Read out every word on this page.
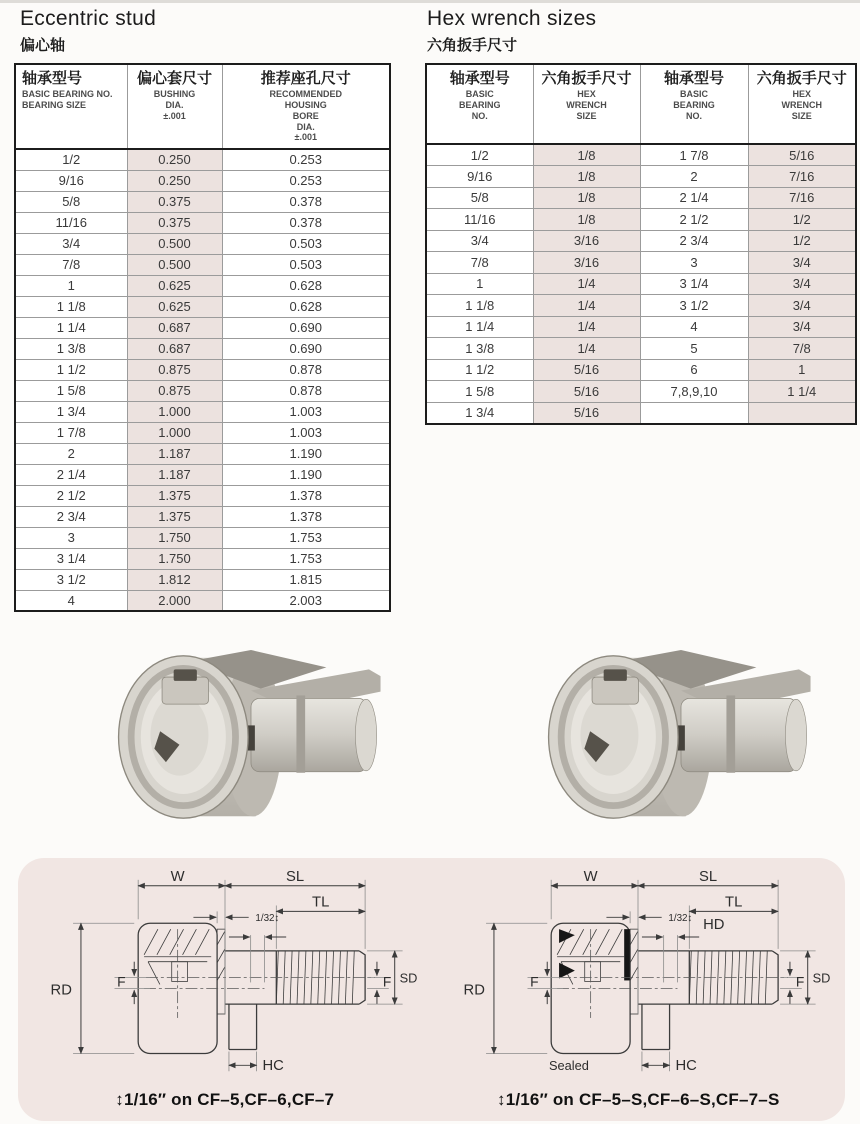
Eccentric stud
偏心轴
Hex wrench sizes
六角扳手尺寸
轴承型号
BASIC BEARING NO.
BEARING SIZE

偏心套尺寸
BUSHING
DIA.
±.001

推荐座孔尺寸
RECOMMENDED
HOUSING
BORE
DIA.
±.001

1/2	0.250	0.253
9/16	0.250	0.253
5/8	0.375	0.378
11/16	0.375	0.378
3/4	0.500	0.503
7/8	0.500	0.503
1	0.625	0.628
1 1/8	0.625	0.628
1 1/4	0.687	0.690
1 3/8	0.687	0.690
1 1/2	0.875	0.878
1 5/8	0.875	0.878
1 3/4	1.000	1.003
1 7/8	1.000	1.003
2	1.187	1.190
2 1/4	1.187	1.190
2 1/2	1.375	1.378
2 3/4	1.375	1.378
3	1.750	1.753
3 1/4	1.750	1.753
3 1/2	1.812	1.815
4	2.000	2.003
轴承型号
BASIC
BEARING
NO.

六角扳手尺寸
HEX
WRENCH
SIZE

轴承型号
BASIC
BEARING
NO.

六角扳手尺寸
HEX
WRENCH
SIZE

1/2	1/8	1 7/8	5/16
9/16	1/8	2	7/16
5/8	1/8	2 1/4	7/16
11/16	1/8	2 1/2	1/2
3/4	3/16	2 3/4	1/2
7/8	3/16	3	3/4
1	1/4	3 1/4	3/4
1 1/8	1/4	3 1/2	3/4
1 1/4	1/4	4	3/4
1 3/8	1/4	5	7/8
1 1/2	5/16	6	1
1 5/8	5/16	7,8,9,10	1 1/4
1 3/4	5/16		
W	SL
TL
1/32↕
RD
F	F SD
HC
↕1/16″ on CF–5,CF–6,CF–7
W	SL
TL
1/32↕ HD
RD
F	F SD
HC
Sealed
↕1/16″ on CF–5–S,CF–6–S,CF–7–S
